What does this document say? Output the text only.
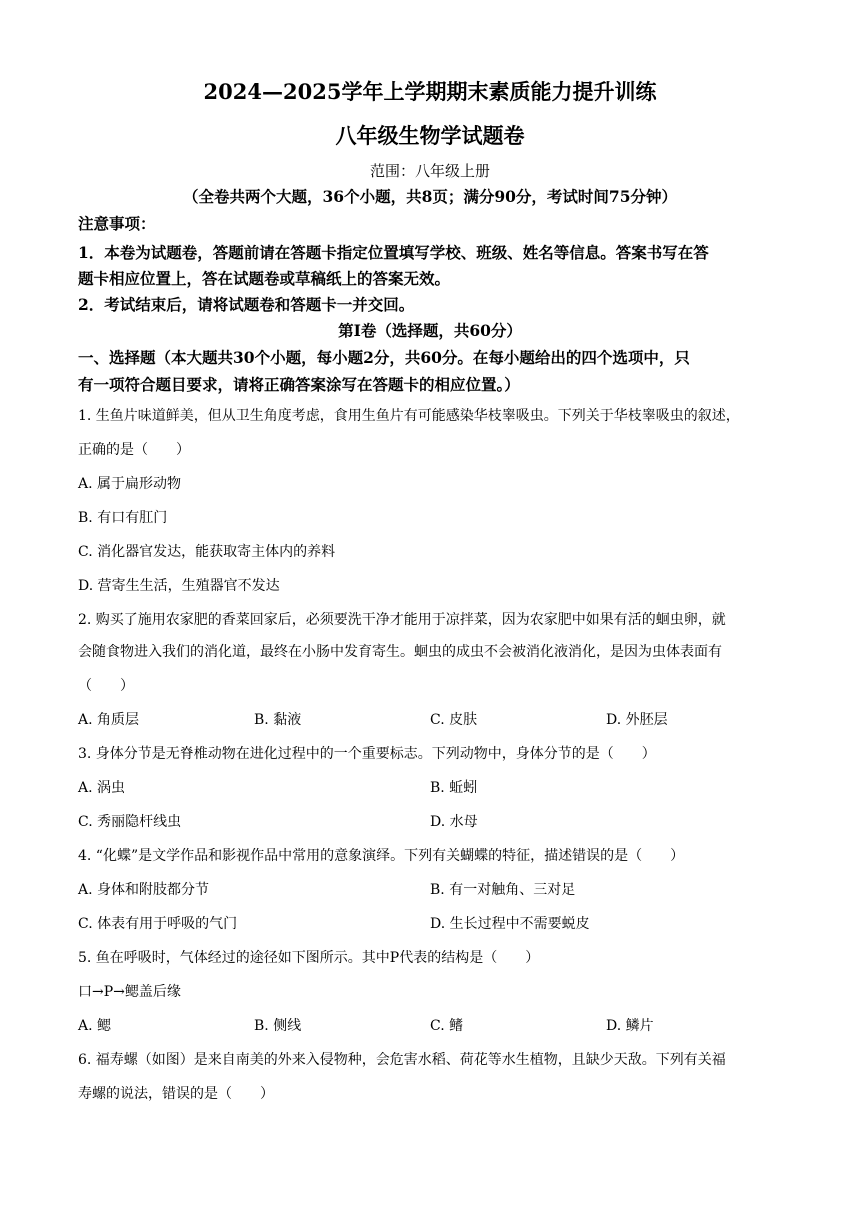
2024—2025学年上学期期末素质能力提升训练
八年级生物学试题卷
范围：八年级上册
（全卷共两个大题，36个小题，共8页；满分90分，考试时间75分钟）
注意事项：
1．本卷为试题卷，答题前请在答题卡指定位置填写学校、班级、姓名等信息。答案书写在答
题卡相应位置上，答在试题卷或草稿纸上的答案无效。
2．考试结束后，请将试题卷和答题卡一并交回。
第Ⅰ卷（选择题，共60分）
一、选择题（本大题共30个小题，每小题2分，共60分。在每小题给出的四个选项中，只
有一项符合题目要求，请将正确答案涂写在答题卡的相应位置。）
1. 生鱼片味道鲜美，但从卫生角度考虑，食用生鱼片有可能感染华枝睾吸虫。下列关于华枝睾吸虫的叙述，
正确的是（　　）
A. 属于扁形动物
B. 有口有肛门
C. 消化器官发达，能获取寄主体内的养料
D. 营寄生生活，生殖器官不发达
2. 购买了施用农家肥的香菜回家后，必须要洗干净才能用于凉拌菜，因为农家肥中如果有活的蛔虫卵，就
会随食物进入我们的消化道，最终在小肠中发育寄生。蛔虫的成虫不会被消化液消化，是因为虫体表面有
（　　）
A. 角质层	B. 黏液	C. 皮肤	D. 外胚层
3. 身体分节是无脊椎动物在进化过程中的一个重要标志。下列动物中，身体分节的是（　　）
A. 涡虫	B. 蚯蚓
C. 秀丽隐杆线虫	D. 水母
4. “化蝶”是文学作品和影视作品中常用的意象演绎。下列有关蝴蝶的特征，描述错误的是（　　）
A. 身体和附肢都分节	B. 有一对触角、三对足
C. 体表有用于呼吸的气门	D. 生长过程中不需要蜕皮
5. 鱼在呼吸时，气体经过的途径如下图所示。其中P代表的结构是（　　）
口→P→鳃盖后缘
A. 鳃	B. 侧线	C. 鳍	D. 鳞片
6. 福寿螺（如图）是来自南美的外来入侵物种，会危害水稻、荷花等水生植物，且缺少天敌。下列有关福
寿螺的说法，错误的是（　　）
